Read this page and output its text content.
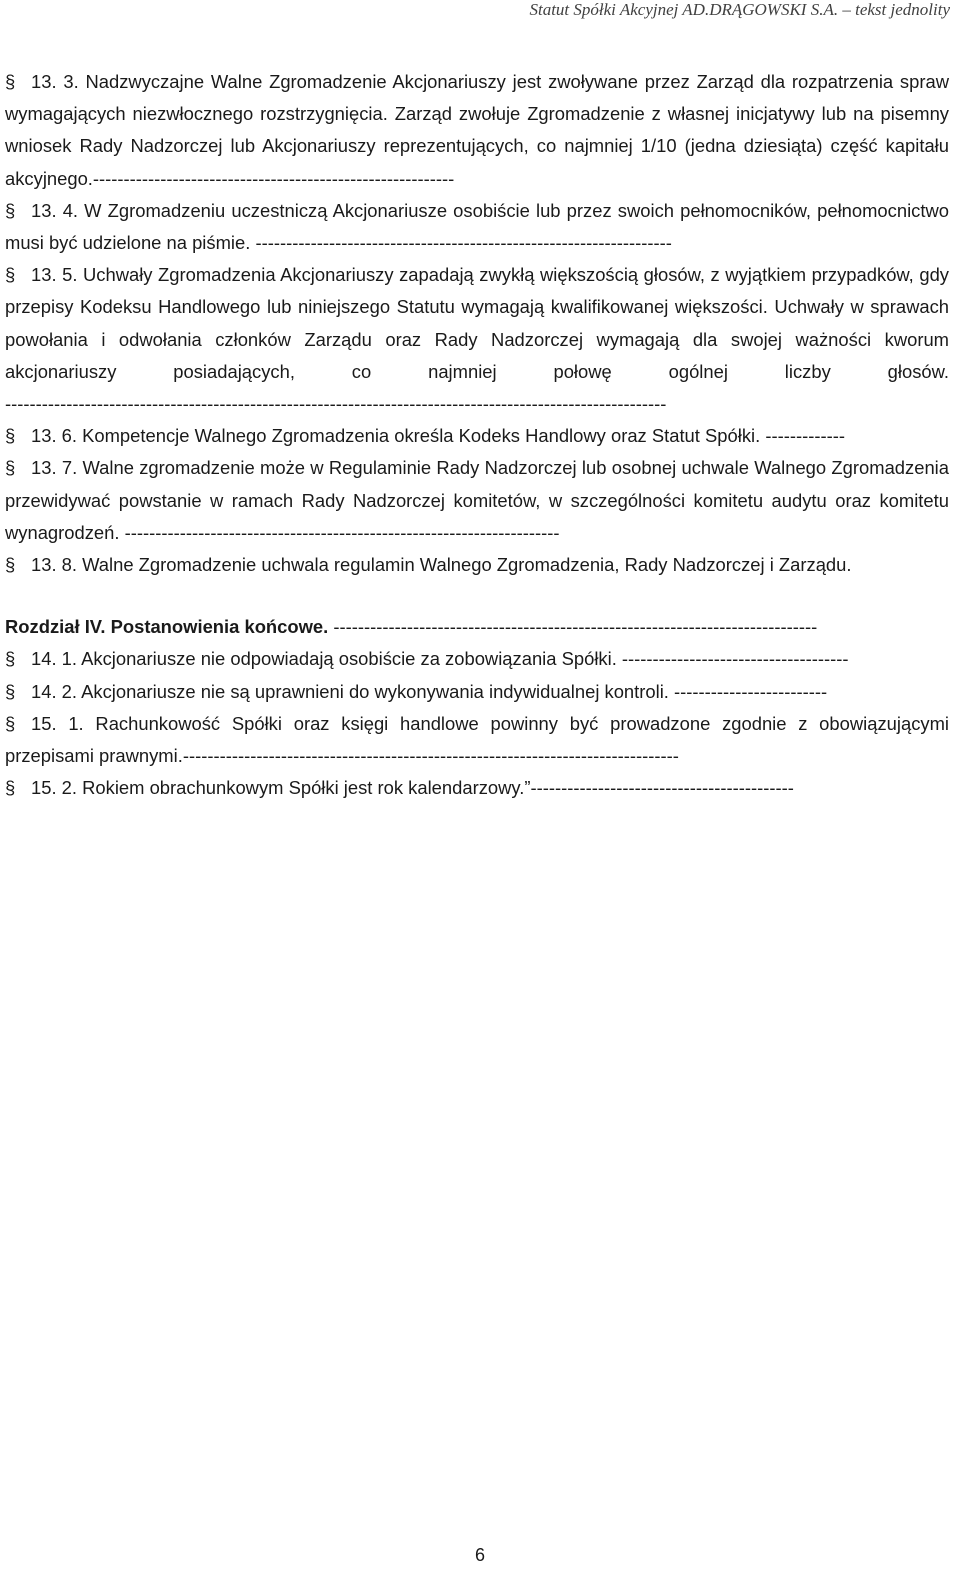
Statut Spółki Akcyjnej AD.DRĄGOWSKI S.A. – tekst jednolity
§ 13. 3. Nadzwyczajne Walne Zgromadzenie Akcjonariuszy jest zwoływane przez Zarząd dla rozpatrzenia spraw wymagających niezwłocznego rozstrzygnięcia. Zarząd zwołuje Zgromadzenie z własnej inicjatywy lub na pisemny wniosek Rady Nadzorczej lub Akcjonariuszy reprezentujących, co najmniej 1/10 (jedna dziesiąta) część kapitału akcyjnego.-----------------------------------------------------------
§ 13. 4. W Zgromadzeniu uczestniczą Akcjonariusze osobiście lub przez swoich pełnomocników, pełnomocnictwo musi być udzielone na piśmie. --------------------------------------------------------------------
§ 13. 5. Uchwały Zgromadzenia Akcjonariuszy zapadają zwykłą większością głosów, z wyjątkiem przypadków, gdy przepisy Kodeksu Handlowego lub niniejszego Statutu wymagają kwalifikowanej większości. Uchwały w sprawach powołania i odwołania członków Zarządu oraz Rady Nadzorczej wymagają dla swojej ważności kworum akcjonariuszy posiadających, co najmniej połowę ogólnej liczby głosów. ------------------------------------------------------------------------------------------------------------
§ 13. 6. Kompetencje Walnego Zgromadzenia określa Kodeks Handlowy oraz Statut Spółki. -------------
§ 13. 7. Walne zgromadzenie może w Regulaminie Rady Nadzorczej lub osobnej uchwale Walnego Zgromadzenia przewidywać powstanie w ramach Rady Nadzorczej komitetów, w szczególności komitetu audytu oraz komitetu wynagrodzeń. -----------------------------------------------------------------------
§ 13. 8. Walne Zgromadzenie uchwala regulamin Walnego Zgromadzenia, Rady Nadzorczej i Zarządu.
Rozdział IV. Postanowienia końcowe. -------------------------------------------------------------------------------
§ 14. 1. Akcjonariusze nie odpowiadają osobiście za zobowiązania Spółki. -------------------------------------
§ 14. 2. Akcjonariusze nie są uprawnieni do wykonywania indywidualnej kontroli. -------------------------
§ 15. 1. Rachunkowość Spółki oraz księgi handlowe powinny być prowadzone zgodnie z obowiązującymi przepisami prawnymi.---------------------------------------------------------------------------------
§ 15. 2. Rokiem obrachunkowym Spółki jest rok kalendarzowy.”-------------------------------------------
6
